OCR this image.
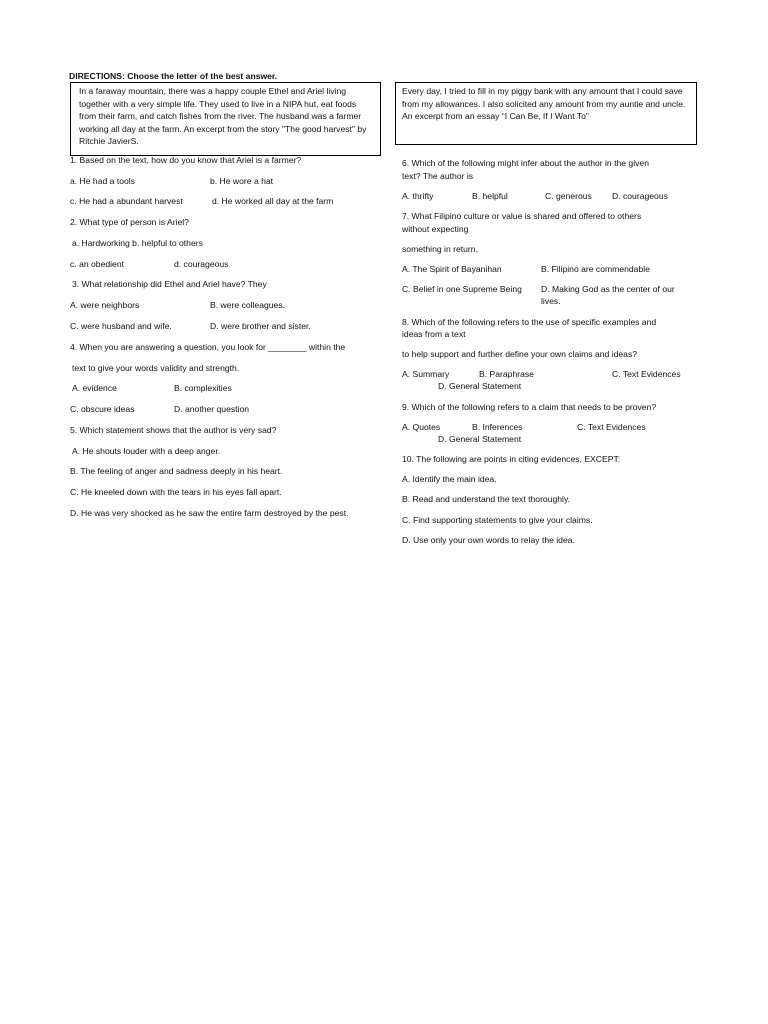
DIRECTIONS: Choose the letter of the best answer.
In a faraway mountain, there was a happy couple Ethel and Ariel living together with a very simple life. They used to live in a NIPA hut, eat foods from their farm, and catch fishes from the river. The husband was a farmer working all day at the farm. An excerpt from the story "The good harvest" by Ritchie JavierS.
Every day, I tried to fill in my piggy bank with any amount that I could save from my allowances. I also solicited any amount from my auntie and uncle. An excerpt from an essay “I Can Be, If I Want To”
1. Based on the text, how do you know that Ariel is a farmer?
a. He had a tools	b. He wore a hat
c. He had a abundant harvest	d. He worked all day at the farm
2. What type of person is Ariel?
a. Hardworking b. helpful to others
c. an obedient	d. courageous
3. What relationship did Ethel and Ariel have? They
A. were neighbors	B. were colleagues.
C. were husband and wife.	D. were brother and sister.
4. When you are answering a question, you look for ________ within the
text to give your words validity and strength.
A. evidence	B. complexities
C. obscure ideas	D. another question
5. Which statement shows that the author is very sad?
A. He shouts louder with a deep anger.
B. The feeling of anger and sadness deeply in his heart.
C. He kneeled down with the tears in his eyes fall apart.
D. He was very shocked as he saw the entire farm destroyed by the pest.
6. Which of the following might infer about the author in the given
text? The author is
A. thrifty	B. helpful	C. generous D. courageous
7. What Filipino culture or value is shared and offered to others
without expecting
something in return.
A. The Spirit of Bayanihan	B. Filipino are commendable
C. Belief in one Supreme Being D. Making God as the center of our
lives.
8. Which of the following refers to the use of specific examples and
ideas from a text
to help support and further define your own claims and ideas?
A. Summary	B. Paraphrase	C. Text Evidences
D. General Statement
9. Which of the following refers to a claim that needs to be proven?
A. Quotes	B. Inferences	C. Text Evidences
D. General Statement
10. The following are points in citing evidences, EXCEPT:
A. Identify the main idea.
B. Read and understand the text thoroughly.
C. Find supporting statements to give your claims.
D. Use only your own words to relay the idea.
